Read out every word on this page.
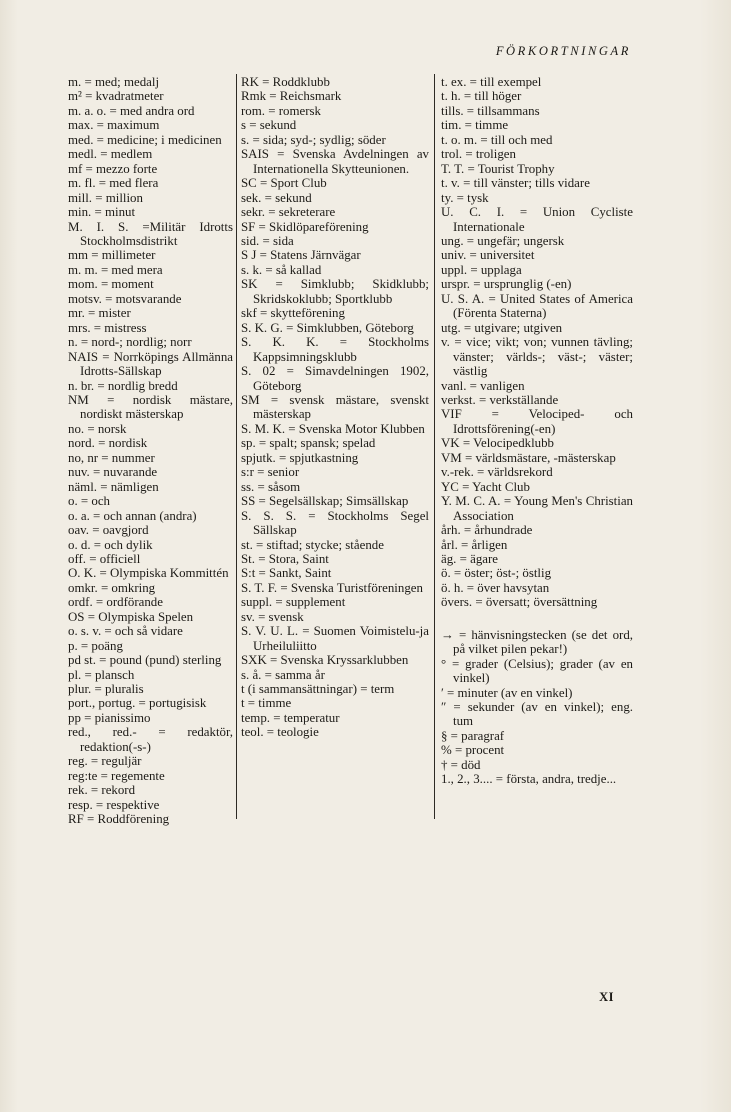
FÖRKORTNINGAR
m. = med; medalj
m² = kvadratmeter
m. a. o. = med andra ord
max. = maximum
med. = medicine; i medicinen
medl. = medlem
mf = mezzo forte
m. fl. = med flera
mill. = million
min. = minut
M. I. S. =Militär Idrotts Stockholmsdistrikt
mm = millimeter
m. m. = med mera
mom. = moment
motsv. = motsvarande
mr. = mister
mrs. = mistress
n. = nord-; nordlig; norr
NAIS = Norrköpings Allmänna Idrotts-Sällskap
n. br. = nordlig bredd
NM = nordisk mästare, nordiskt mästerskap
no. = norsk
nord. = nordisk
no, nr = nummer
nuv. = nuvarande
näml. = nämligen
o. = och
o. a. = och annan (andra)
oav. = oavgjord
o. d. = och dylik
off. = officiell
O. K. = Olympiska Kommittén
omkr. = omkring
ordf. = ordförande
OS = Olympiska Spelen
o. s. v. = och så vidare
p. = poäng
pd st. = pound (pund) sterling
pl. = plansch
plur. = pluralis
port., portug. = portugisisk
pp = pianissimo
red., red.- = redaktör, redaktion(-s-)
reg. = reguljär
reg:te = regemente
rek. = rekord
resp. = respektive
RF = Roddförening
RK = Roddklubb
Rmk = Reichsmark
rom. = romersk
s = sekund
s. = sida; syd-; sydlig; söder
SAIS = Svenska Avdelningen av Internationella Skytteunionen.
SC = Sport Club
sek. = sekund
sekr. = sekreterare
SF = Skidlöpareförening
sid. = sida
S J = Statens Järnvägar
s. k. = så kallad
SK = Simklubb; Skidklubb; Skridskoklubb; Sportklubb
skf = skytteförening
S. K. G. = Simklubben, Göteborg
S. K. K. = Stockholms Kappsimningsklubb
S. 02 = Simavdelningen 1902, Göteborg
SM = svensk mästare, svenskt mästerskap
S. M. K. = Svenska Motor Klubben
sp. = spalt; spansk; spelad
spjutk. = spjutkastning
s:r = senior
ss. = såsom
SS = Segelsällskap; Simsällskap
S. S. S. = Stockholms Segel Sällskap
st. = stiftad; stycke; stående
St. = Stora, Saint
S:t = Sankt, Saint
S. T. F. = Svenska Turistföreningen
suppl. = supplement
sv. = svensk
S. V. U. L. = Suomen Voimistelu-ja Urheiluliitto
SXK = Svenska Kryssarklubben
s. å. = samma år
t (i sammansättningar) = term
t = timme
temp. = temperatur
teol. = teologie
t. ex. = till exempel
t. h. = till höger
tills. = tillsammans
tim. = timme
t. o. m. = till och med
trol. = troligen
T. T. = Tourist Trophy
t. v. = till vänster; tills vidare
ty. = tysk
U. C. I. = Union Cycliste Internationale
ung. = ungefär; ungersk
univ. = universitet
uppl. = upplaga
urspr. = ursprunglig (-en)
U. S. A. = United States of America (Förenta Staterna)
utg. = utgivare; utgiven
v. = vice; vikt; von; vunnen tävling; vänster; världs-; väst-; väster; västlig
vanl. = vanligen
verkst. = verkställande
VIF = Velociped- och Idrottsförening(-en)
VK = Velocipedklubb
VM = världsmästare, -mästerskap
v.-rek. = världsrekord
YC = Yacht Club
Y. M. C. A. = Young Men's Christian Association
årh. = århundrade
årl. = årligen
äg. = ägare
ö. = öster; öst-; östlig
ö. h. = över havsytan
övers. = översatt; översättning
→ = hänvisningstecken (se det ord, på vilket pilen pekar!)
° = grader (Celsius); grader (av en vinkel)
′ = minuter (av en vinkel)
″ = sekunder (av en vinkel); eng. tum
§ = paragraf
% = procent
† = död
1., 2., 3.... = första, andra, tredje...
XI
